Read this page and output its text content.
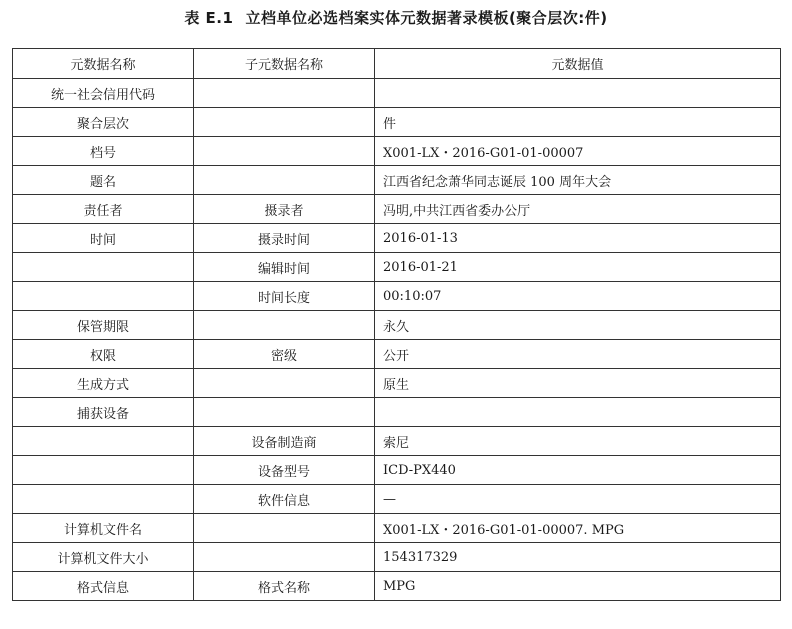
表 E.1 立档单位必选档案实体元数据著录模板(聚合层次:件)
元数据名称	子元数据名称	元数据值
统一社会信用代码		
聚合层次		件
档号		X001-LX・2016-G01-01-00007
题名		江西省纪念萧华同志诞辰 100 周年大会
责任者	摄录者	冯明,中共江西省委办公厅
时间	摄录时间	2016-01-13
	编辑时间	2016-01-21
	时间长度	00:10:07
保管期限		永久
权限	密级	公开
生成方式		原生
捕获设备		
	设备制造商	索尼
	设备型号	ICD-PX440
	软件信息	—
计算机文件名		X001-LX・2016-G01-01-00007. MPG
计算机文件大小		154317329
格式信息	格式名称	MPG
